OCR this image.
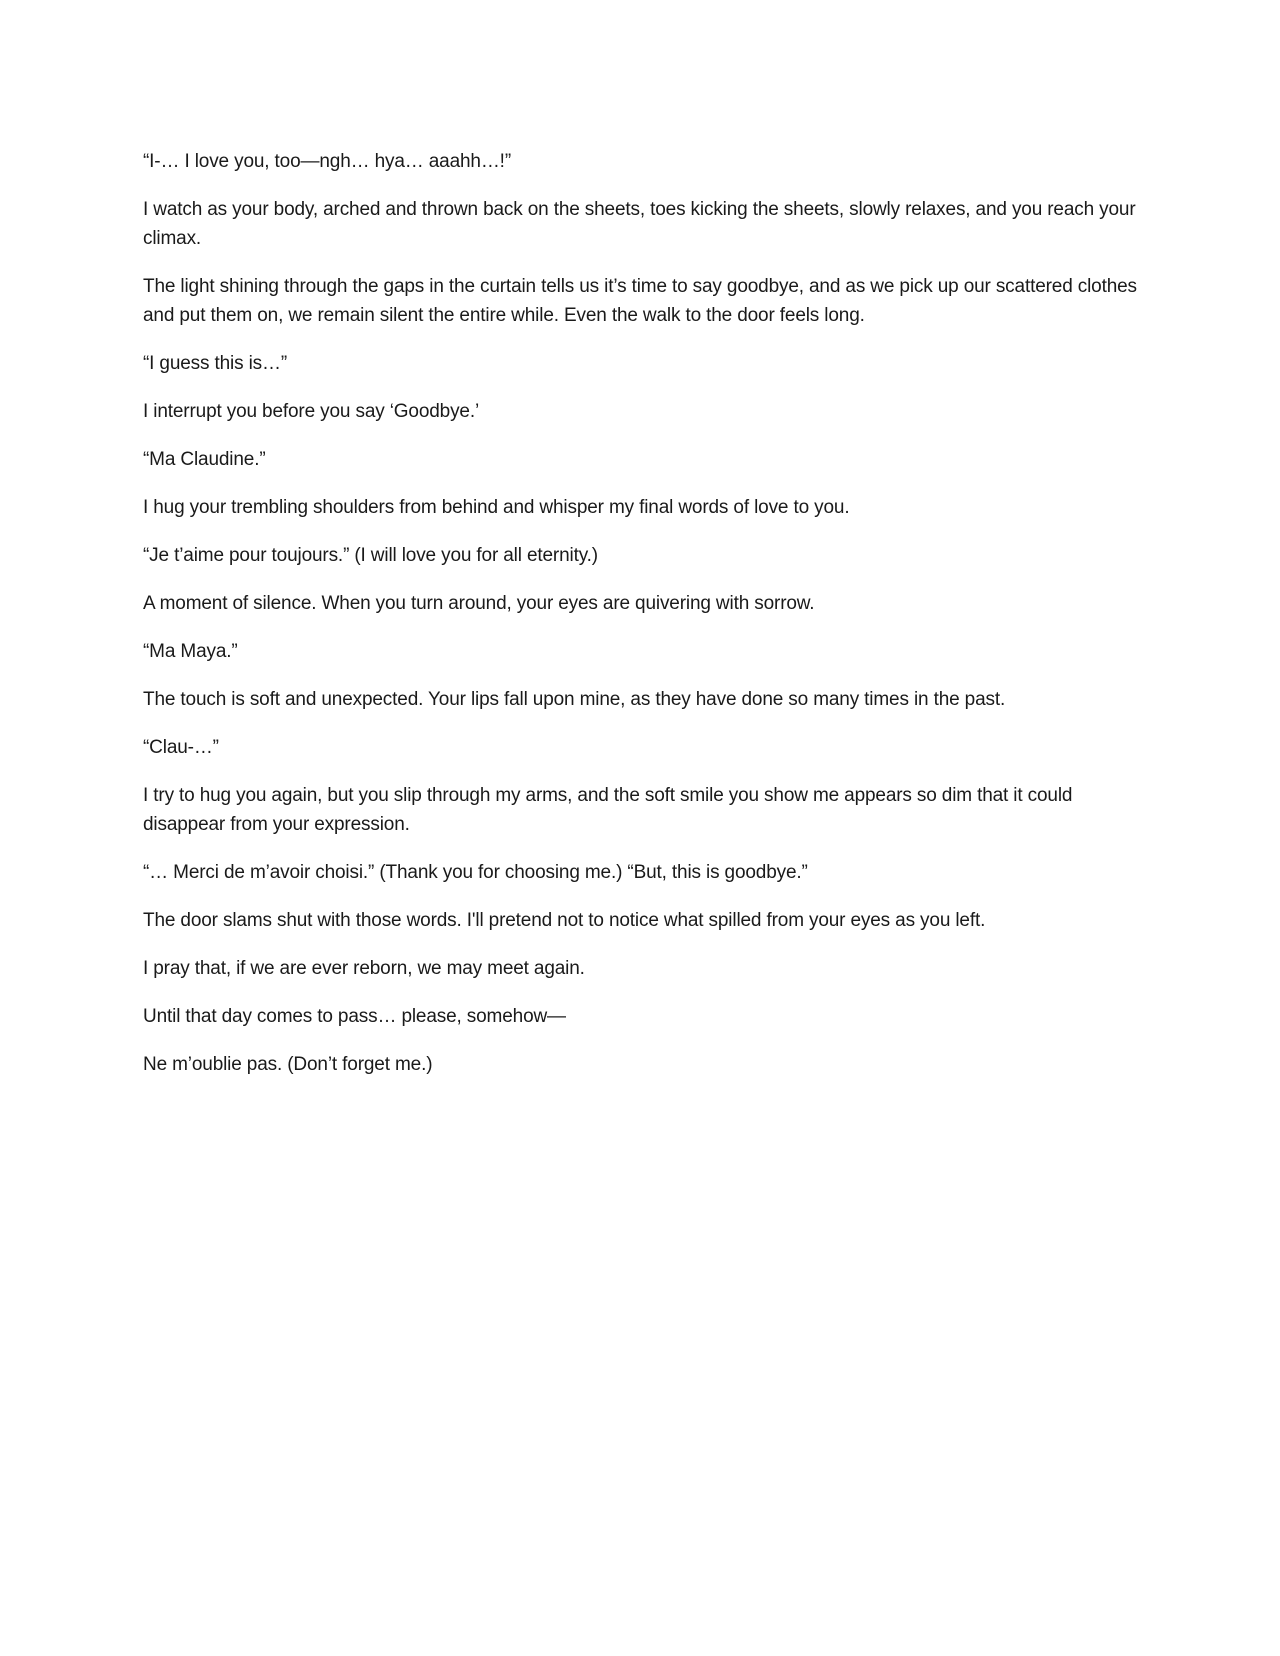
“I-… I love you, too—ngh… hya… aaahh…!”

I watch as your body, arched and thrown back on the sheets, toes kicking the sheets, slowly relaxes, and you reach your climax.

The light shining through the gaps in the curtain tells us it’s time to say goodbye, and as we pick up our scattered clothes and put them on, we remain silent the entire while. Even the walk to the door feels long.

“I guess this is…”

I interrupt you before you say ‘Goodbye.’

“Ma Claudine.”

I hug your trembling shoulders from behind and whisper my final words of love to you.

“Je t’aime pour toujours.” (I will love you for all eternity.)

A moment of silence. When you turn around, your eyes are quivering with sorrow.

“Ma Maya.”

The touch is soft and unexpected. Your lips fall upon mine, as they have done so many times in the past.

“Clau-…”

I try to hug you again, but you slip through my arms, and the soft smile you show me appears so dim that it could disappear from your expression.

“… Merci de m’avoir choisi.” (Thank you for choosing me.) “But, this is goodbye.”

The door slams shut with those words. I'll pretend not to notice what spilled from your eyes as you left.

I pray that, if we are ever reborn, we may meet again.

Until that day comes to pass… please, somehow—

Ne m’oublie pas. (Don’t forget me.)
